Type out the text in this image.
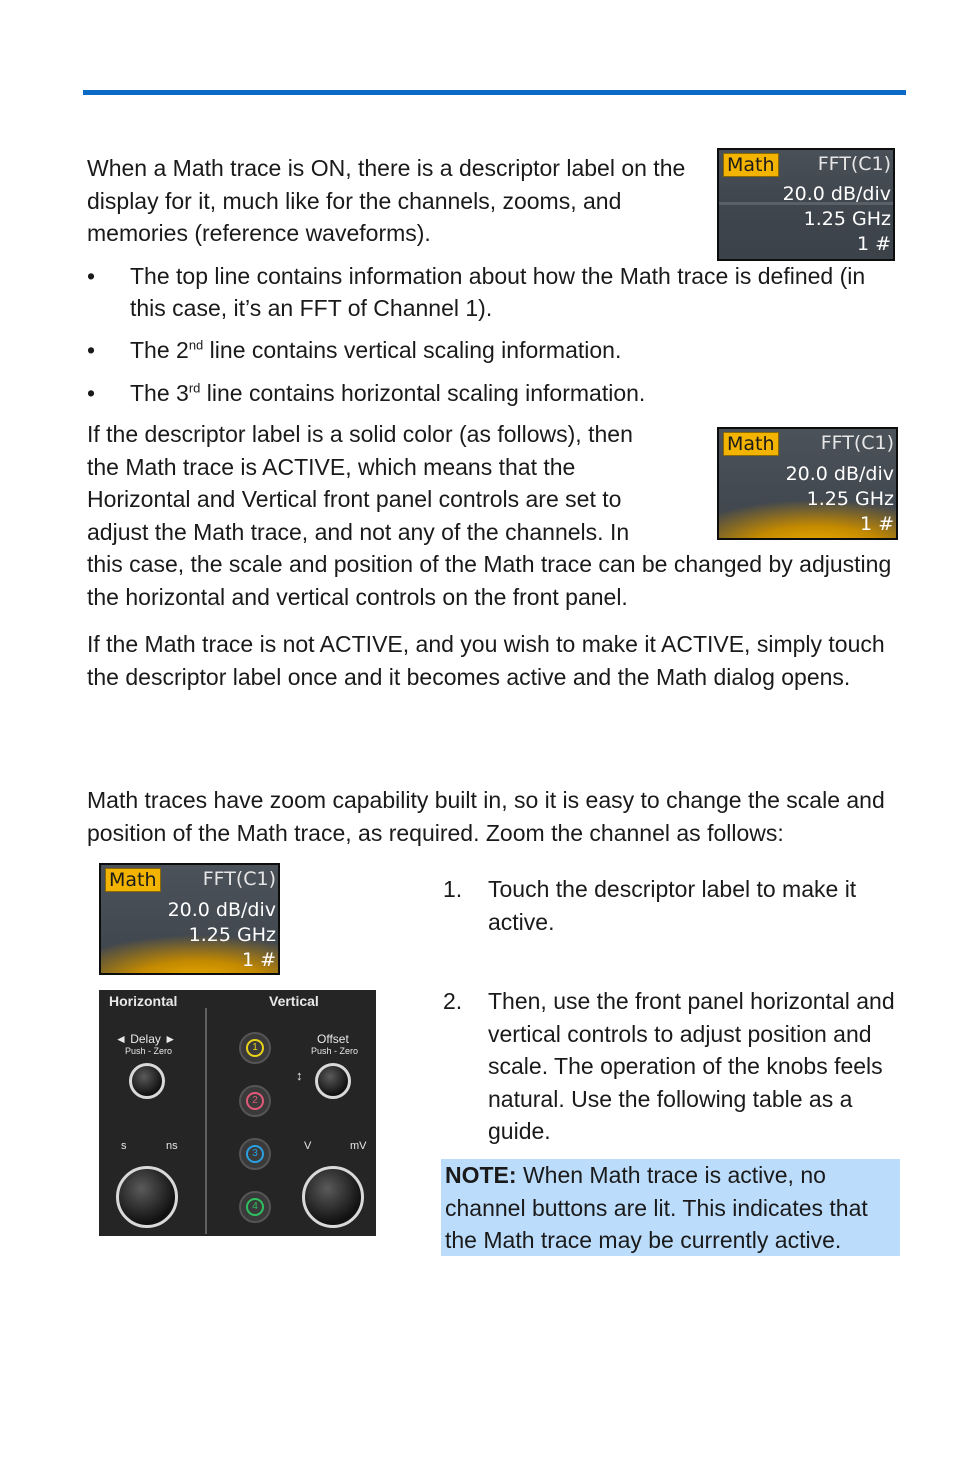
When a Math trace is ON, there is a descriptor label on the display for it, much like for the channels, zooms, and memories (reference waveforms).

Math FFT(C1)
20.0 dB/div
1.25 GHz
1 #
• The top line contains information about how the Math trace is defined (in this case, it’s an FFT of Channel 1).
• The 2nd line contains vertical scaling information.
• The 3rd line contains horizontal scaling information.
Math FFT(C1)
20.0 dB/div
1.25 GHz
1 #
If the descriptor label is a solid color (as follows), then the Math trace is ACTIVE, which means that the Horizontal and Vertical front panel controls are set to adjust the Math trace, and not any of the channels. In this case, the scale and position of the Math trace can be changed by adjusting the horizontal and vertical controls on the front panel.

If the Math trace is not ACTIVE, and you wish to make it ACTIVE, simply touch the descriptor label once and it becomes active and the Math dialog opens.

Math traces have zoom capability built in, so it is easy to change the scale and position of the Math trace, as required. Zoom the channel as follows:

Math FFT(C1)
20.0 dB/div
1.25 GHz
1 #
Horizontal	Vertical
◄ Delay ►
Push - Zero
Offset
Push - Zero
↕
1
2
3
4
s	ns	V	mV
1. Touch the descriptor label to make it active.
2. Then, use the front panel horizontal and vertical controls to adjust position and scale. The operation of the knobs feels natural. Use the following table as a guide.
NOTE: When Math trace is active, no channel buttons are lit. This indicates that the Math trace may be currently active.
